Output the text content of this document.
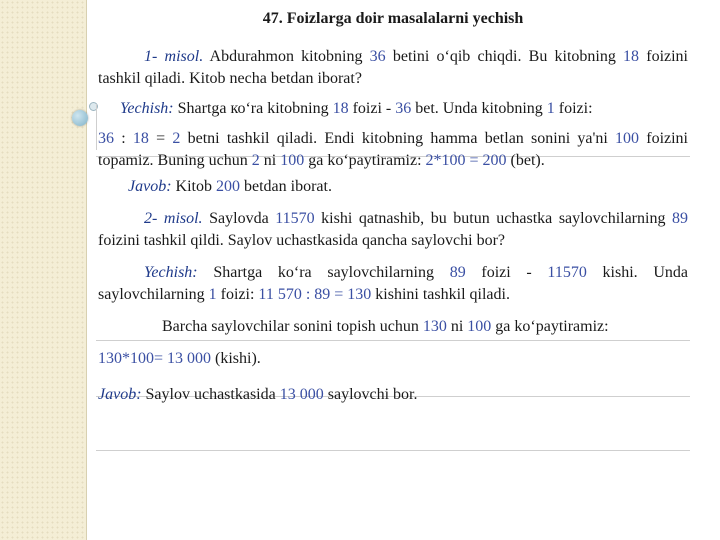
47. Foizlarga doir masalalarni yechish

1- misol. Abdurahmon kitobning 36 betini o‘qib chiqdi. Bu kitobning 18 foizini tashkil qiladi. Kitob necha betdan iborat?

Yechish: Shartga ко‘ra kitobning 18 foizi - 36 bet. Unda kitobning 1 foizi:

36 : 18 = 2 betni tashkil qiladi. Endi kitobning hamma betlan sonini ya'ni 100 foizini topamiz. Buning uchun 2 ni 100 ga ko‘paytiramiz: 2*100 = 200 (bet).

Javob: Kitob 200 betdan iborat.

2- misol. Saylovda 11570 kishi qatnashib, bu butun uchastka saylovchilarning 89 foizini tashkil qildi. Saylov uchastkasida qancha saylovchi bor?

Yechish: Shartga ko‘ra saylovchilarning 89 foizi - 11570 kishi. Unda saylovchilarning 1 foizi: 11 570 : 89 = 130 kishini tashkil qiladi.

Barcha saylovchilar sonini topish uchun 130 ni 100 ga ko‘paytiramiz:

130*100= 13 000 (kishi).

Javob: Saylov uchastkasida 13 000 saylovchi bor.
